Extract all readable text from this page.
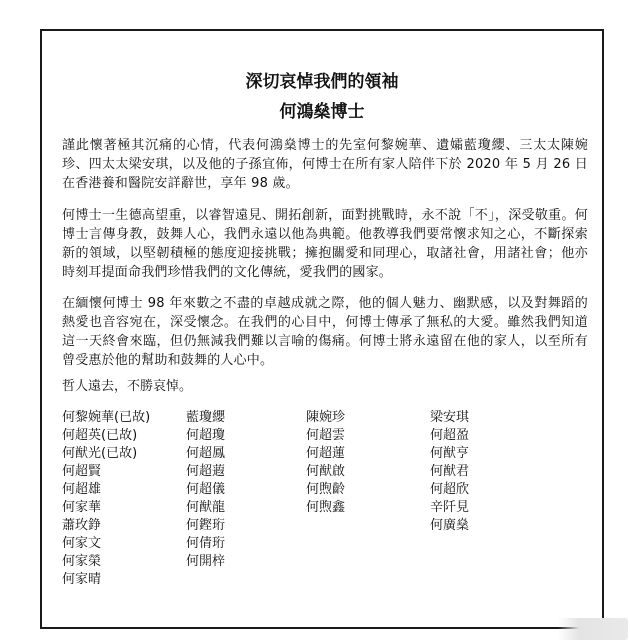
深切哀悼我們的領袖
何鴻燊博士

謹此懷著極其沉痛的心情，代表何鴻燊博士的先室何黎婉華、遺孀藍瓊纓、三太太陳婉珍、四太太梁安琪，以及他的子孫宜佈，何博士在所有家人陪伴下於 2020 年 5 月 26 日在香港養和醫院安詳辭世，享年 98 歲。

何博士一生德高望重，以睿智遠見、開拓創新，面對挑戰時，永不說「不」，深受敬重。何博士言傳身教，鼓舞人心，我們永遠以他為典範。他教導我們要常懷求知之心，不斷探索新的領域，以堅韌積極的態度迎接挑戰；擁抱關愛和同理心，取諸社會，用諸社會；他亦時刻耳提面命我們珍惜我們的文化傳統，愛我們的國家。

在緬懷何博士 98 年來數之不盡的卓越成就之際，他的個人魅力、幽默感，以及對舞蹈的熱愛也音容宛在，深受懷念。在我們的心目中，何博士傳承了無私的大愛。雖然我們知道這一天終會來臨，但仍無減我們難以言喻的傷痛。何博士將永遠留在他的家人，以至所有曾受惠於他的幫助和鼓舞的人心中。

哲人遠去，不勝哀悼。

何黎婉華(已故)
何超英(已故)
何猷光(已故)
何超賢
何超雄
何家華
蕭玫錚
何家文
何家榮
何家晴
藍瓊纓
何超瓊
何超鳳
何超蕸
何超儀
何猷龍
何鏗珩
何倩珩
何開梓
陳婉珍
何超雲
何超蓮
何猷啟
何煦齡
何煦鑫
梁安琪
何超盈
何猷亨
何猷君
何超欣
辛阡見
何廣燊
